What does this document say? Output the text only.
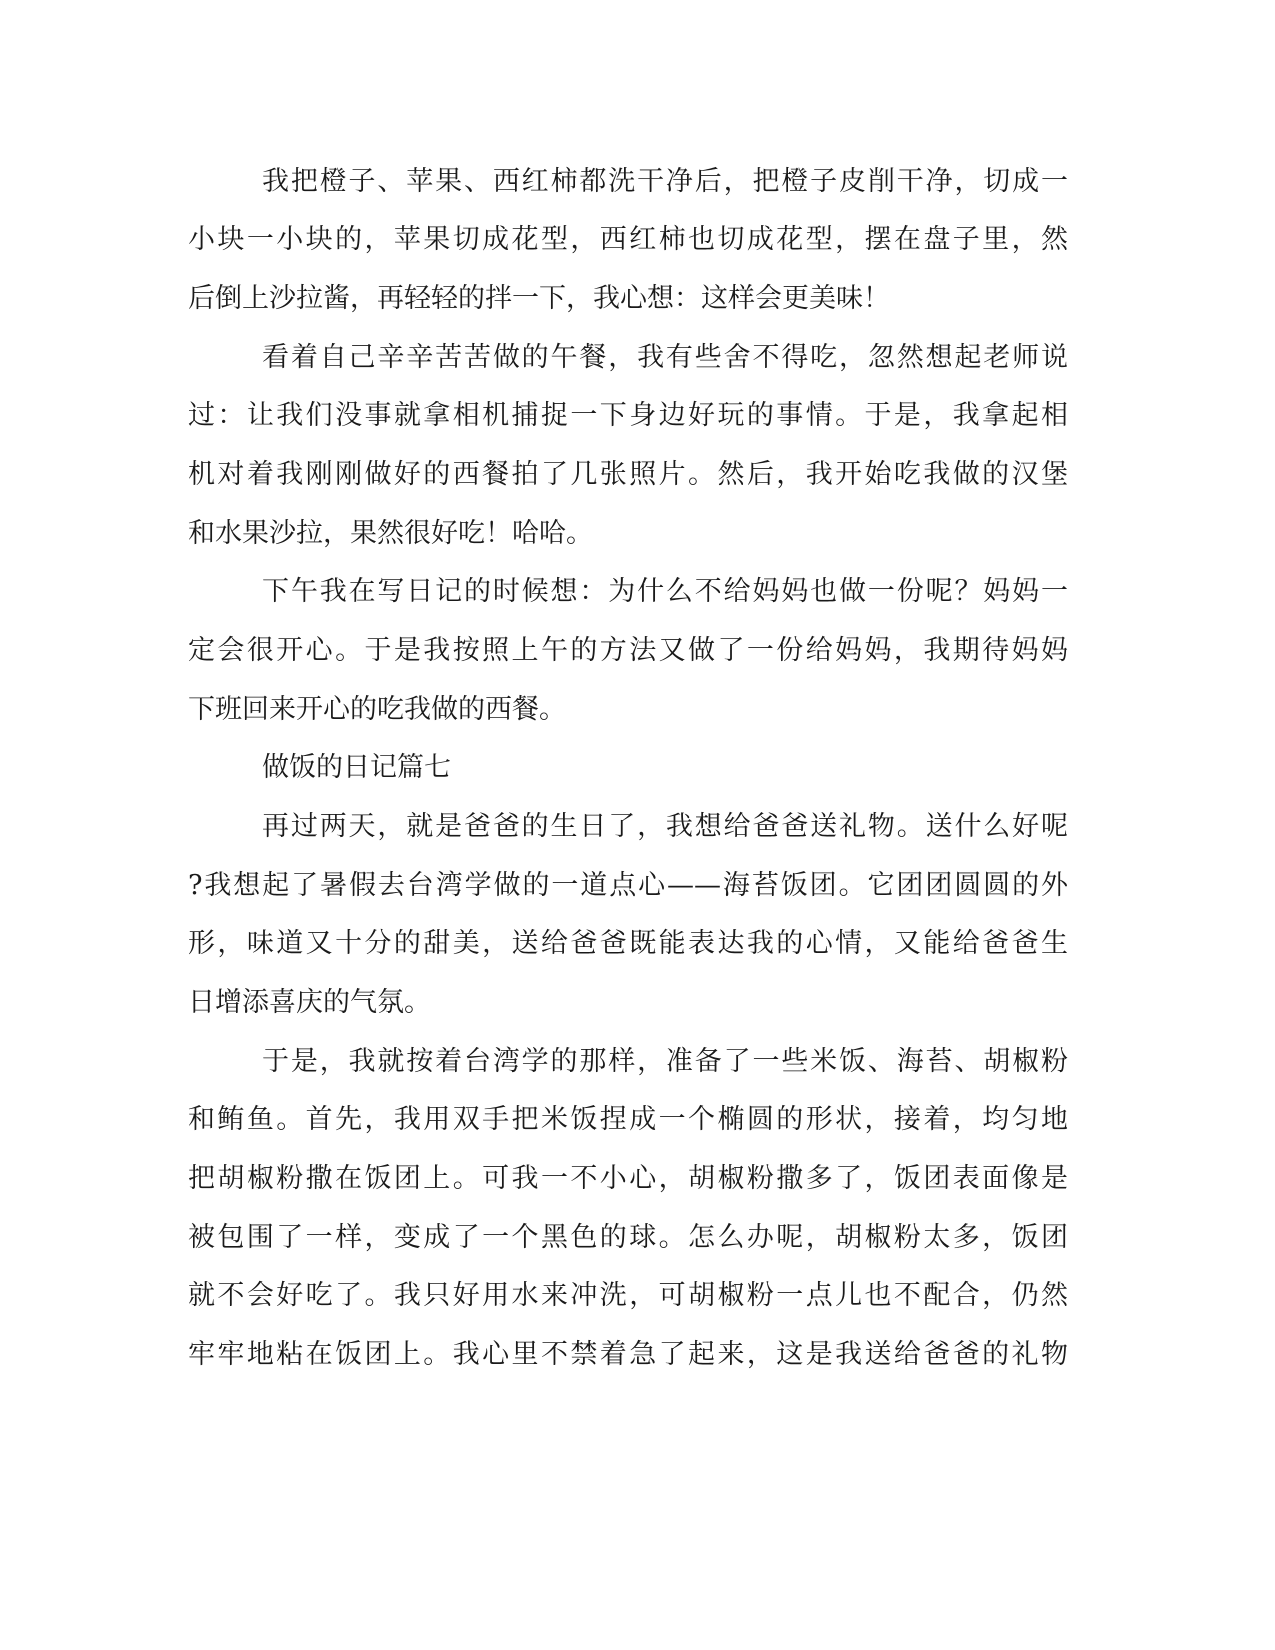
我把橙子、苹果、西红柿都洗干净后，把橙子皮削干净，切成一
小块一小块的，苹果切成花型，西红柿也切成花型，摆在盘子里，然
后倒上沙拉酱，再轻轻的拌一下，我心想：这样会更美味！
看着自己辛辛苦苦做的午餐，我有些舍不得吃，忽然想起老师说
过：让我们没事就拿相机捕捉一下身边好玩的事情。于是，我拿起相
机对着我刚刚做好的西餐拍了几张照片。然后，我开始吃我做的汉堡
和水果沙拉，果然很好吃！哈哈。
下午我在写日记的时候想：为什么不给妈妈也做一份呢？妈妈一
定会很开心。于是我按照上午的方法又做了一份给妈妈，我期待妈妈
下班回来开心的吃我做的西餐。
做饭的日记篇七
再过两天，就是爸爸的生日了，我想给爸爸送礼物。送什么好呢
?我想起了暑假去台湾学做的一道点心——海苔饭团。它团团圆圆的外
形，味道又十分的甜美，送给爸爸既能表达我的心情，又能给爸爸生
日增添喜庆的气氛。
于是，我就按着台湾学的那样，准备了一些米饭、海苔、胡椒粉
和鲔鱼。首先，我用双手把米饭捏成一个椭圆的形状，接着，均匀地
把胡椒粉撒在饭团上。可我一不小心，胡椒粉撒多了，饭团表面像是
被包围了一样，变成了一个黑色的球。怎么办呢，胡椒粉太多，饭团
就不会好吃了。我只好用水来冲洗，可胡椒粉一点儿也不配合，仍然
牢牢地粘在饭团上。我心里不禁着急了起来，这是我送给爸爸的礼物
